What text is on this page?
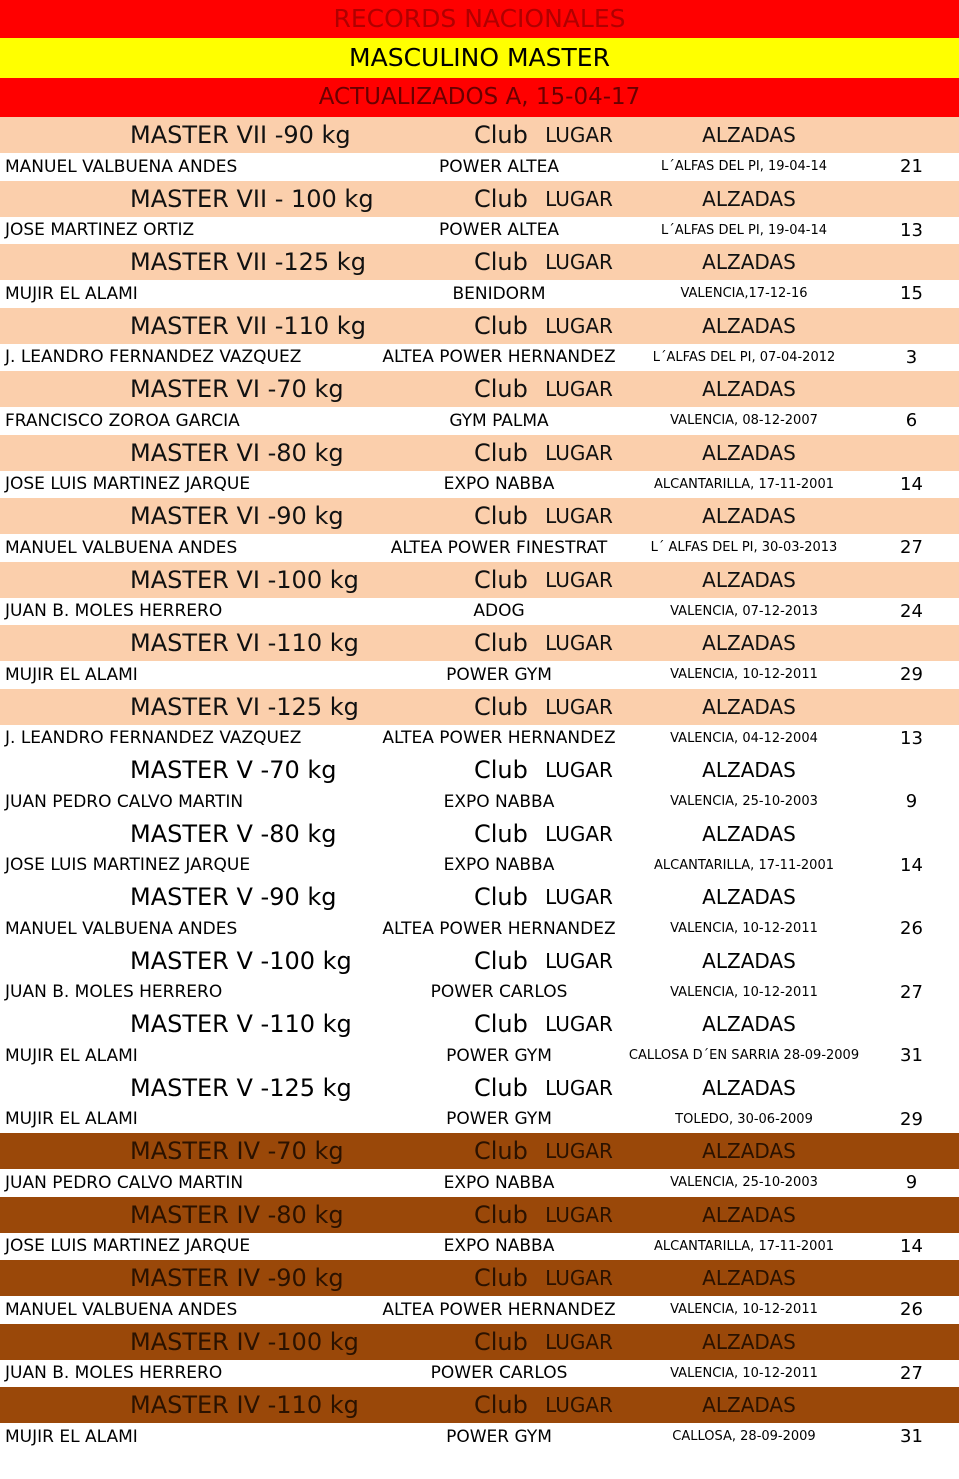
RECORDS NACIONALES
MASCULINO MASTER
ACTUALIZADOS A, 15-04-17
MASTER VII -90 kg	Club LUGAR	ALZADAS
MANUEL VALBUENA ANDES	POWER ALTEA	L´ALFAS DEL PI, 19-04-14	21
MASTER VII - 100 kg	Club LUGAR	ALZADAS
JOSE MARTINEZ ORTIZ	POWER ALTEA	L´ALFAS DEL PI, 19-04-14	13
MASTER VII -125 kg	Club LUGAR	ALZADAS
MUJIR EL ALAMI	BENIDORM	VALENCIA,17-12-16	15
MASTER VII -110 kg	Club LUGAR	ALZADAS
J. LEANDRO FERNANDEZ VAZQUEZ	ALTEA POWER HERNANDEZ	L´ALFAS DEL PI, 07-04-2012	3
MASTER VI -70 kg	Club LUGAR	ALZADAS
FRANCISCO ZOROA GARCIA	GYM PALMA	VALENCIA, 08-12-2007	6
MASTER VI -80 kg	Club LUGAR	ALZADAS
JOSE LUIS MARTINEZ JARQUE	EXPO NABBA	ALCANTARILLA, 17-11-2001	14
MASTER VI -90 kg	Club LUGAR	ALZADAS
MANUEL VALBUENA ANDES	ALTEA POWER FINESTRAT	L´ ALFAS DEL PI, 30-03-2013	27
MASTER VI -100 kg	Club LUGAR	ALZADAS
JUAN B. MOLES HERRERO	ADOG	VALENCIA, 07-12-2013	24
MASTER VI -110 kg	Club LUGAR	ALZADAS
MUJIR EL ALAMI	POWER GYM	VALENCIA, 10-12-2011	29
MASTER VI -125 kg	Club LUGAR	ALZADAS
J. LEANDRO FERNANDEZ VAZQUEZ	ALTEA POWER HERNANDEZ	VALENCIA, 04-12-2004	13
MASTER V -70 kg	Club LUGAR	ALZADAS
JUAN PEDRO CALVO MARTIN	EXPO NABBA	VALENCIA, 25-10-2003	9
MASTER V -80 kg	Club LUGAR	ALZADAS
JOSE LUIS MARTINEZ JARQUE	EXPO NABBA	ALCANTARILLA, 17-11-2001	14
MASTER V -90 kg	Club LUGAR	ALZADAS
MANUEL VALBUENA ANDES	ALTEA POWER HERNANDEZ	VALENCIA, 10-12-2011	26
MASTER V -100 kg	Club LUGAR	ALZADAS
JUAN B. MOLES HERRERO	POWER CARLOS	VALENCIA, 10-12-2011	27
MASTER V -110 kg	Club LUGAR	ALZADAS
MUJIR EL ALAMI	POWER GYM	CALLOSA D´EN SARRIA 28-09-2009	31
MASTER V -125 kg	Club LUGAR	ALZADAS
MUJIR EL ALAMI	POWER GYM	TOLEDO, 30-06-2009	29
MASTER IV -70 kg	Club LUGAR	ALZADAS
JUAN PEDRO CALVO MARTIN	EXPO NABBA	VALENCIA, 25-10-2003	9
MASTER IV -80 kg	Club LUGAR	ALZADAS
JOSE LUIS MARTINEZ JARQUE	EXPO NABBA	ALCANTARILLA, 17-11-2001	14
MASTER IV -90 kg	Club LUGAR	ALZADAS
MANUEL VALBUENA ANDES	ALTEA POWER HERNANDEZ	VALENCIA, 10-12-2011	26
MASTER IV -100 kg	Club LUGAR	ALZADAS
JUAN B. MOLES HERRERO	POWER CARLOS	VALENCIA, 10-12-2011	27
MASTER IV -110 kg	Club LUGAR	ALZADAS
MUJIR EL ALAMI	POWER GYM	CALLOSA, 28-09-2009	31
